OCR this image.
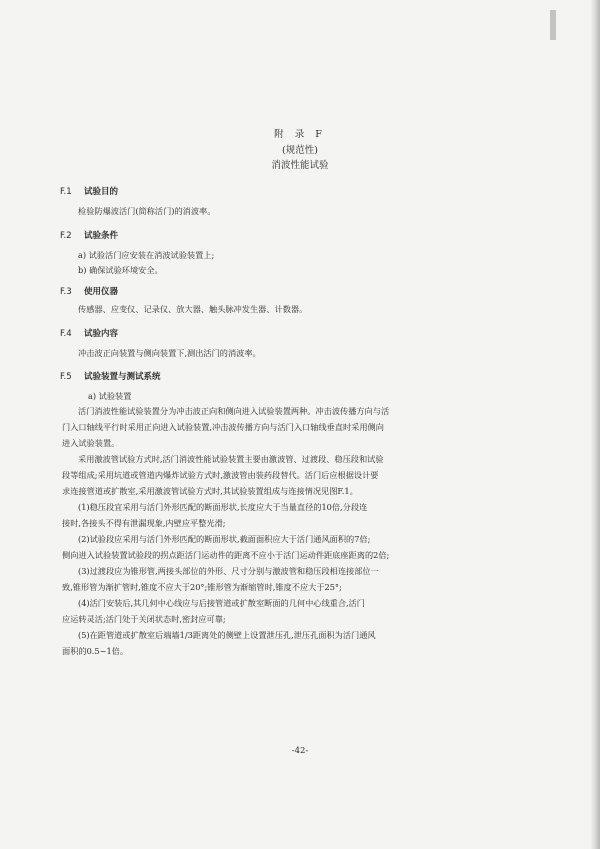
附 录 F
(规范性)
消波性能试验
F.1 试验目的
检验防爆波活门(简称活门)的消波率。
F.2 试验条件
a) 试验活门应安装在消波试验装置上;
b) 确保试验环境安全。
F.3 使用仪器
传感器、应变仪、记录仪、放大器、触头脉冲发生器、计数器。
F.4 试验内容
冲击波正向装置与侧向装置下,测出活门的消波率。
F.5 试验装置与测试系统
a) 试验装置
活门消波性能试验装置分为冲击波正向和侧向进入试验装置两种。冲击波传播方向与活
门入口轴线平行时采用正向进入试验装置,冲击波传播方向与活门入口轴线垂直时采用侧向
进入试验装置。
采用激波管试验方式时,活门消波性能试验装置主要由激波管、过渡段、稳压段和试验
段等组成;采用坑道或管道内爆炸试验方式时,激波管由装药段替代。活门后应根据设计要
求连接管道或扩散室,采用激波管试验方式时,其试验装置组成与连接情况见图F.1。
(1)稳压段宜采用与活门外形匹配的断面形状,长度应大于当量直径的10倍,分段连
接时,各接头不得有泄漏现象,内壁应平整光滑;
(2)试验段应采用与活门外形匹配的断面形状,截面面积应大于活门通风面积的7倍;
侧向进入试验装置试验段的拐点距活门运动件的距离不应小于活门运动件距底座距离的2倍;
(3)过渡段应为锥形管,两接头部位的外形、尺寸分别与激波管和稳压段相连接部位一
致,锥形管为渐扩管时,锥度不应大于20°;锥形管为渐缩管时,锥度不应大于25°;
(4)活门安装后,其几何中心线应与后接管道或扩散室断面的几何中心线重合,活门
应运转灵活;活门处于关闭状态时,密封应可靠;
(5)在距管道或扩散室后端墙1/3距离处的侧壁上设置泄压孔,泄压孔面积为活门通风
面积的0.5~1倍。
-42-
